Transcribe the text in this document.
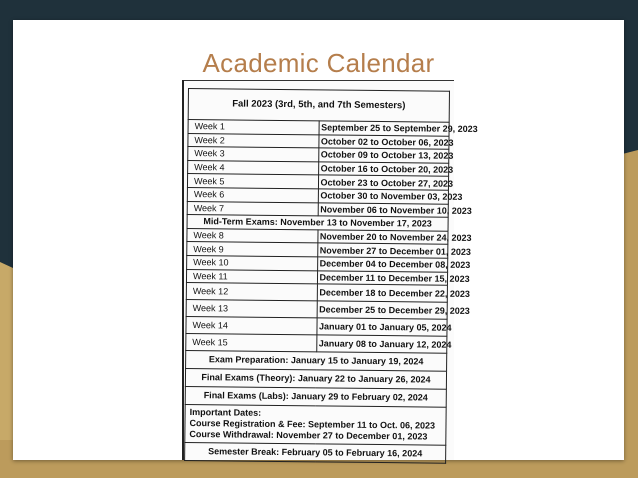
Academic Calendar
Fall 2023 (3rd, 5th, and 7th Semesters)	
Week 1	September 25 to September 29, 2023
Week 2	October 02 to October 06, 2023
Week 3	October 09 to October 13, 2023
Week 4	October 16 to October 20, 2023
Week 5	October 23 to October 27, 2023
Week 6	October 30 to November 03, 2023
Week 7	November 06 to November 10, 2023
Mid-Term Exams: November 13 to November 17, 2023	
Week 8	November 20 to November 24, 2023
Week 9	November 27 to December 01, 2023
Week 10	December 04 to December 08, 2023
Week 11	December 11 to December 15, 2023
Week 12	December 18 to December 22, 2023
Week 13	December 25 to December 29, 2023
Week 14	January 01 to January 05, 2024
Week 15	January 08 to January 12, 2024
Exam Preparation: January 15 to January 19, 2024	
Final Exams (Theory): January 22 to January 26, 2024	
Final Exams (Labs): January 29 to February 02, 2024	

Important Dates:
Course Registration & Fee: September 11 to Oct. 06, 2023
Course Withdrawal: November 27 to December 01, 2023	

Semester Break: February 05 to February 16, 2024	
